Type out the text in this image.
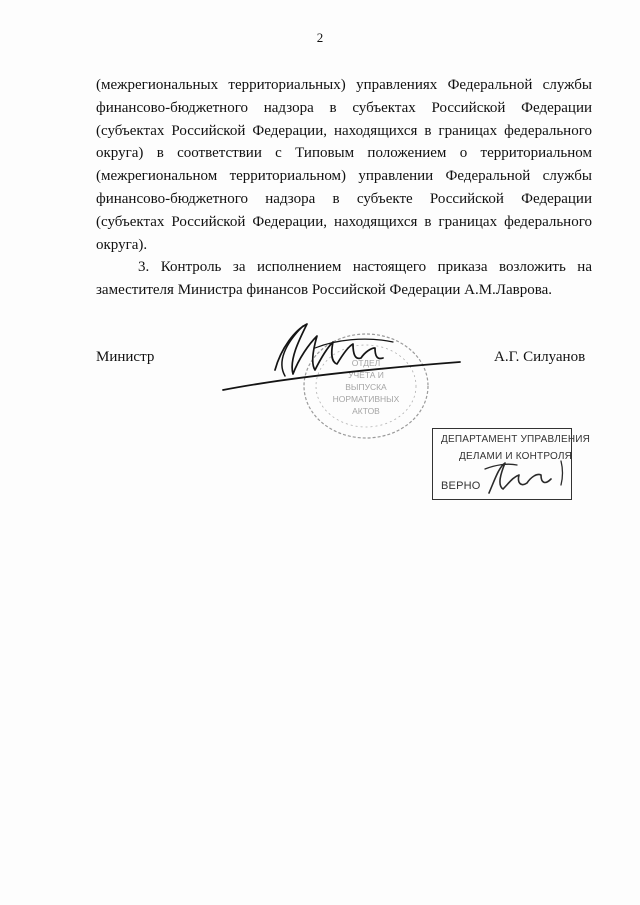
2

(межрегиональных территориальных) управлениях Федеральной службы финансово-бюджетного надзора в субъектах Российской Федерации (субъектах Российской Федерации, находящихся в границах федерального округа) в соответствии с Типовым положением о территориальном (межрегиональном территориальном) управлении Федеральной службы финансово-бюджетного надзора в субъекте Российской Федерации (субъектах Российской Федерации, находящихся в границах федерального округа).

3. Контроль за исполнением настоящего приказа возложить на заместителя Министра финансов Российской Федерации А.М.Лаврова.

ОТДЕЛ
УЧЁТА И
ВЫПУСКА
НОРМАТИВНЫХ
АКТОВ
Министр	А.Г. Силуанов
ДЕПАРТАМЕНТ УПРАВЛЕНИЯ
ДЕЛАМИ И КОНТРОЛЯ
ВЕРНО
